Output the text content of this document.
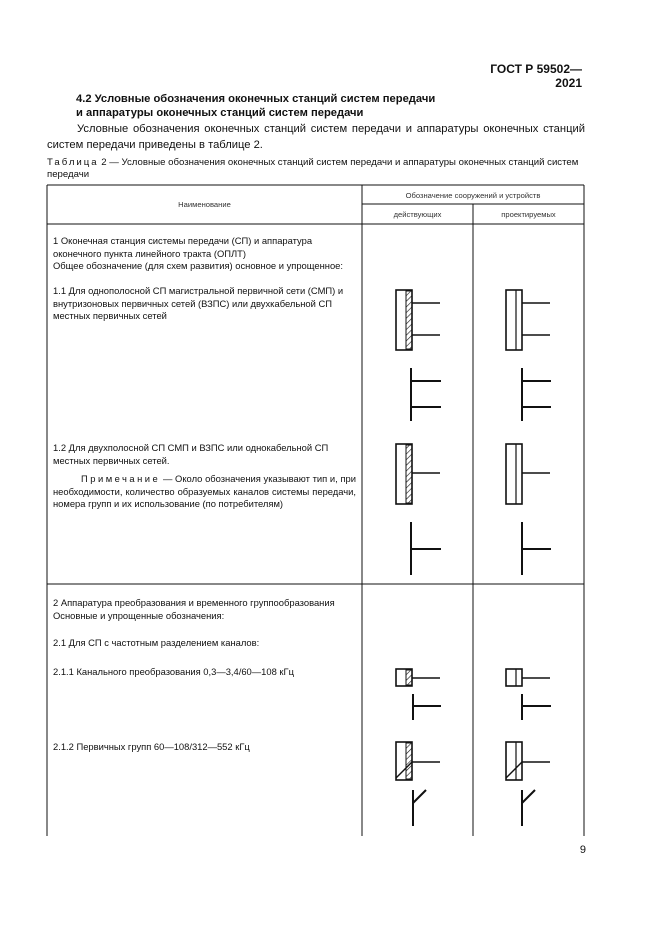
ГОСТ Р 59502—2021
4.2 Условные обозначения оконечных станций систем передачи
и аппаратуры оконечных станций систем передачи
Условные обозначения оконечных станций систем передачи и аппаратуры оконечных станций систем передачи приведены в таблице 2.
Таблица 2 — Условные обозначения оконечных станций систем передачи и аппаратуры оконечных станций систем передачи
Наименование
Обозначение сооружений и устройств
действующих	проектируемых
1 Оконечная станция системы передачи (СП) и аппаратура оконечного пункта линейного тракта (ОПЛТ)
Общее обозначение (для схем развития) основное и упрощенное:
1.1 Для однополосной СП магистральной первичной сети (СМП) и внутризоновых первичных сетей (ВЗПС) или двухкабельной СП местных первичных сетей
1.2 Для двухполосной СП СМП и ВЗПС или однокабельной СП местных первичных сетей.
Примечание — Около обозначения указывают тип и, при необходимости, количество образуемых каналов системы передачи, номера групп и их использование (по потребителям)
2 Аппаратура преобразования и временного группообразования
Основные и упрощенные обозначения:
2.1 Для СП с частотным разделением каналов:
2.1.1 Канального преобразования 0,3—3,4/60—108 кГц
2.1.2 Первичных групп 60—108/312—552 кГц
9
